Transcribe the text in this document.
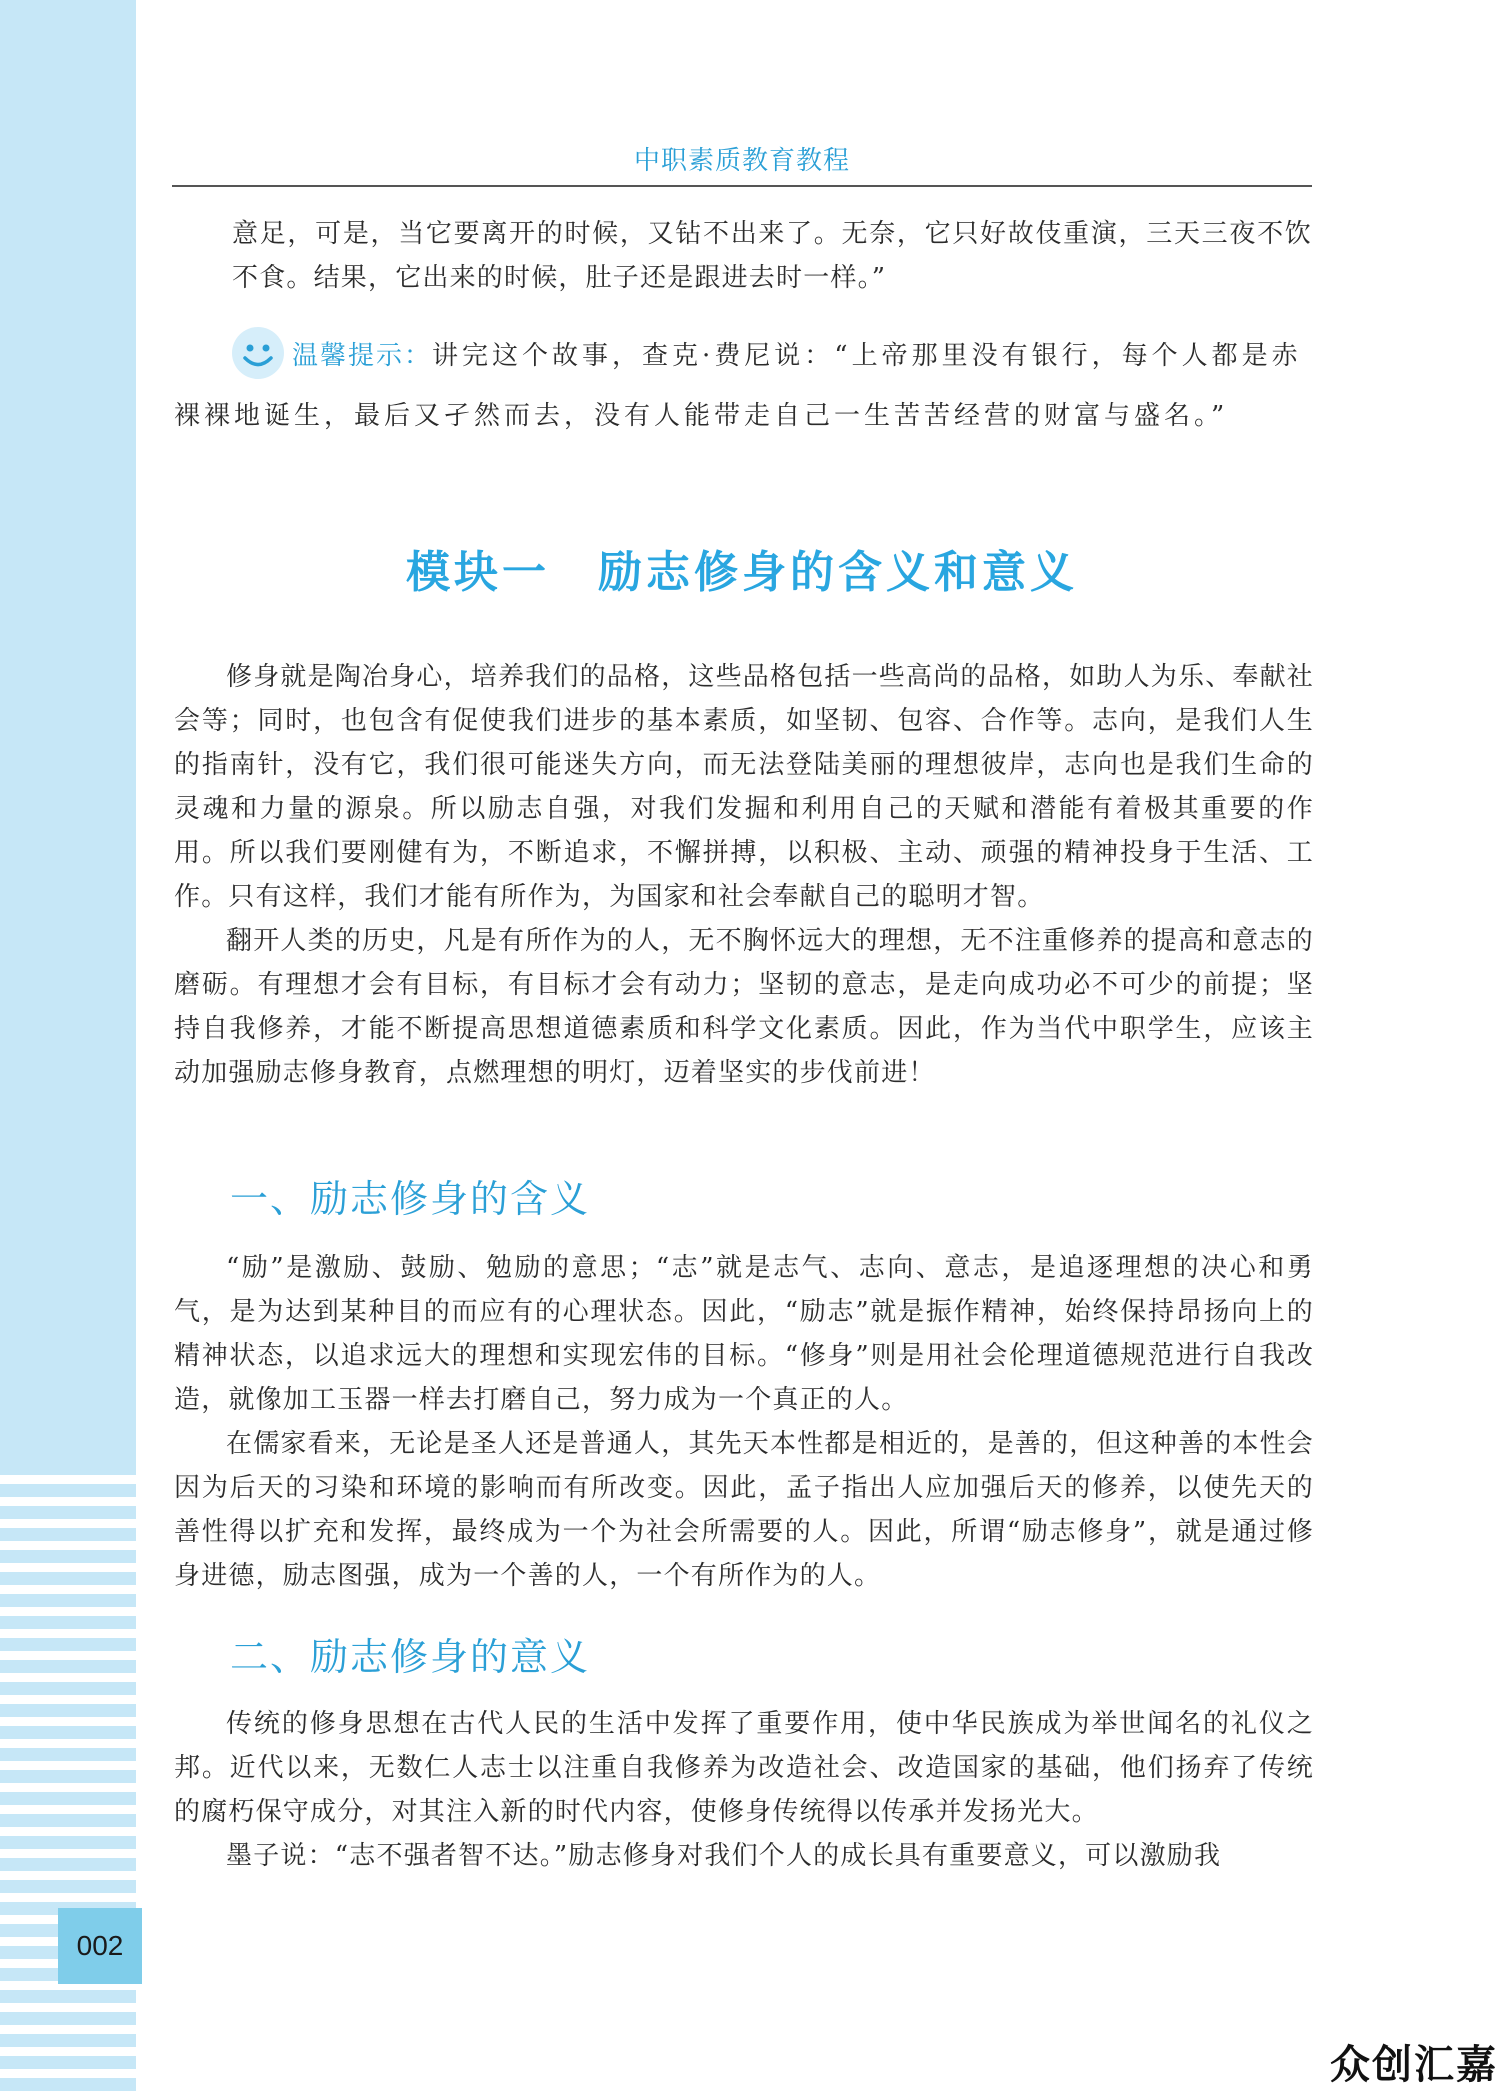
002
中职素质教育教程

意足，可是，当它要离开的时候，又钻不出来了。无奈，它只好故伎重演，三天三夜不饮不食。结果，它出来的时候，肚子还是跟进去时一样。”

温馨提示：讲完这个故事，查克·费尼说：“上帝那里没有银行，每个人都是赤裸裸地诞生，最后又孑然而去，没有人能带走自己一生苦苦经营的财富与盛名。”

模块一　励志修身的含义和意义

修身就是陶冶身心，培养我们的品格，这些品格包括一些高尚的品格，如助人为乐、奉献社会等；同时，也包含有促使我们进步的基本素质，如坚韧、包容、合作等。志向，是我们人生的指南针，没有它，我们很可能迷失方向，而无法登陆美丽的理想彼岸，志向也是我们生命的灵魂和力量的源泉。所以励志自强，对我们发掘和利用自己的天赋和潜能有着极其重要的作用。所以我们要刚健有为，不断追求，不懈拼搏，以积极、主动、顽强的精神投身于生活、工作。只有这样，我们才能有所作为，为国家和社会奉献自己的聪明才智。

翻开人类的历史，凡是有所作为的人，无不胸怀远大的理想，无不注重修养的提高和意志的磨砺。有理想才会有目标，有目标才会有动力；坚韧的意志，是走向成功必不可少的前提；坚持自我修养，才能不断提高思想道德素质和科学文化素质。因此，作为当代中职学生，应该主动加强励志修身教育，点燃理想的明灯，迈着坚实的步伐前进！

一、励志修身的含义

“励”是激励、鼓励、勉励的意思；“志”就是志气、志向、意志，是追逐理想的决心和勇气，是为达到某种目的而应有的心理状态。因此，“励志”就是振作精神，始终保持昂扬向上的精神状态，以追求远大的理想和实现宏伟的目标。“修身”则是用社会伦理道德规范进行自我改造，就像加工玉器一样去打磨自己，努力成为一个真正的人。

在儒家看来，无论是圣人还是普通人，其先天本性都是相近的，是善的，但这种善的本性会因为后天的习染和环境的影响而有所改变。因此，孟子指出人应加强后天的修养，以使先天的善性得以扩充和发挥，最终成为一个为社会所需要的人。因此，所谓“励志修身”，就是通过修身进德，励志图强，成为一个善的人，一个有所作为的人。

二、励志修身的意义

传统的修身思想在古代人民的生活中发挥了重要作用，使中华民族成为举世闻名的礼仪之邦。近代以来，无数仁人志士以注重自我修养为改造社会、改造国家的基础，他们扬弃了传统的腐朽保守成分，对其注入新的时代内容，使修身传统得以传承并发扬光大。

墨子说：“志不强者智不达。”励志修身对我们个人的成长具有重要意义，可以激励我

众创汇嘉
